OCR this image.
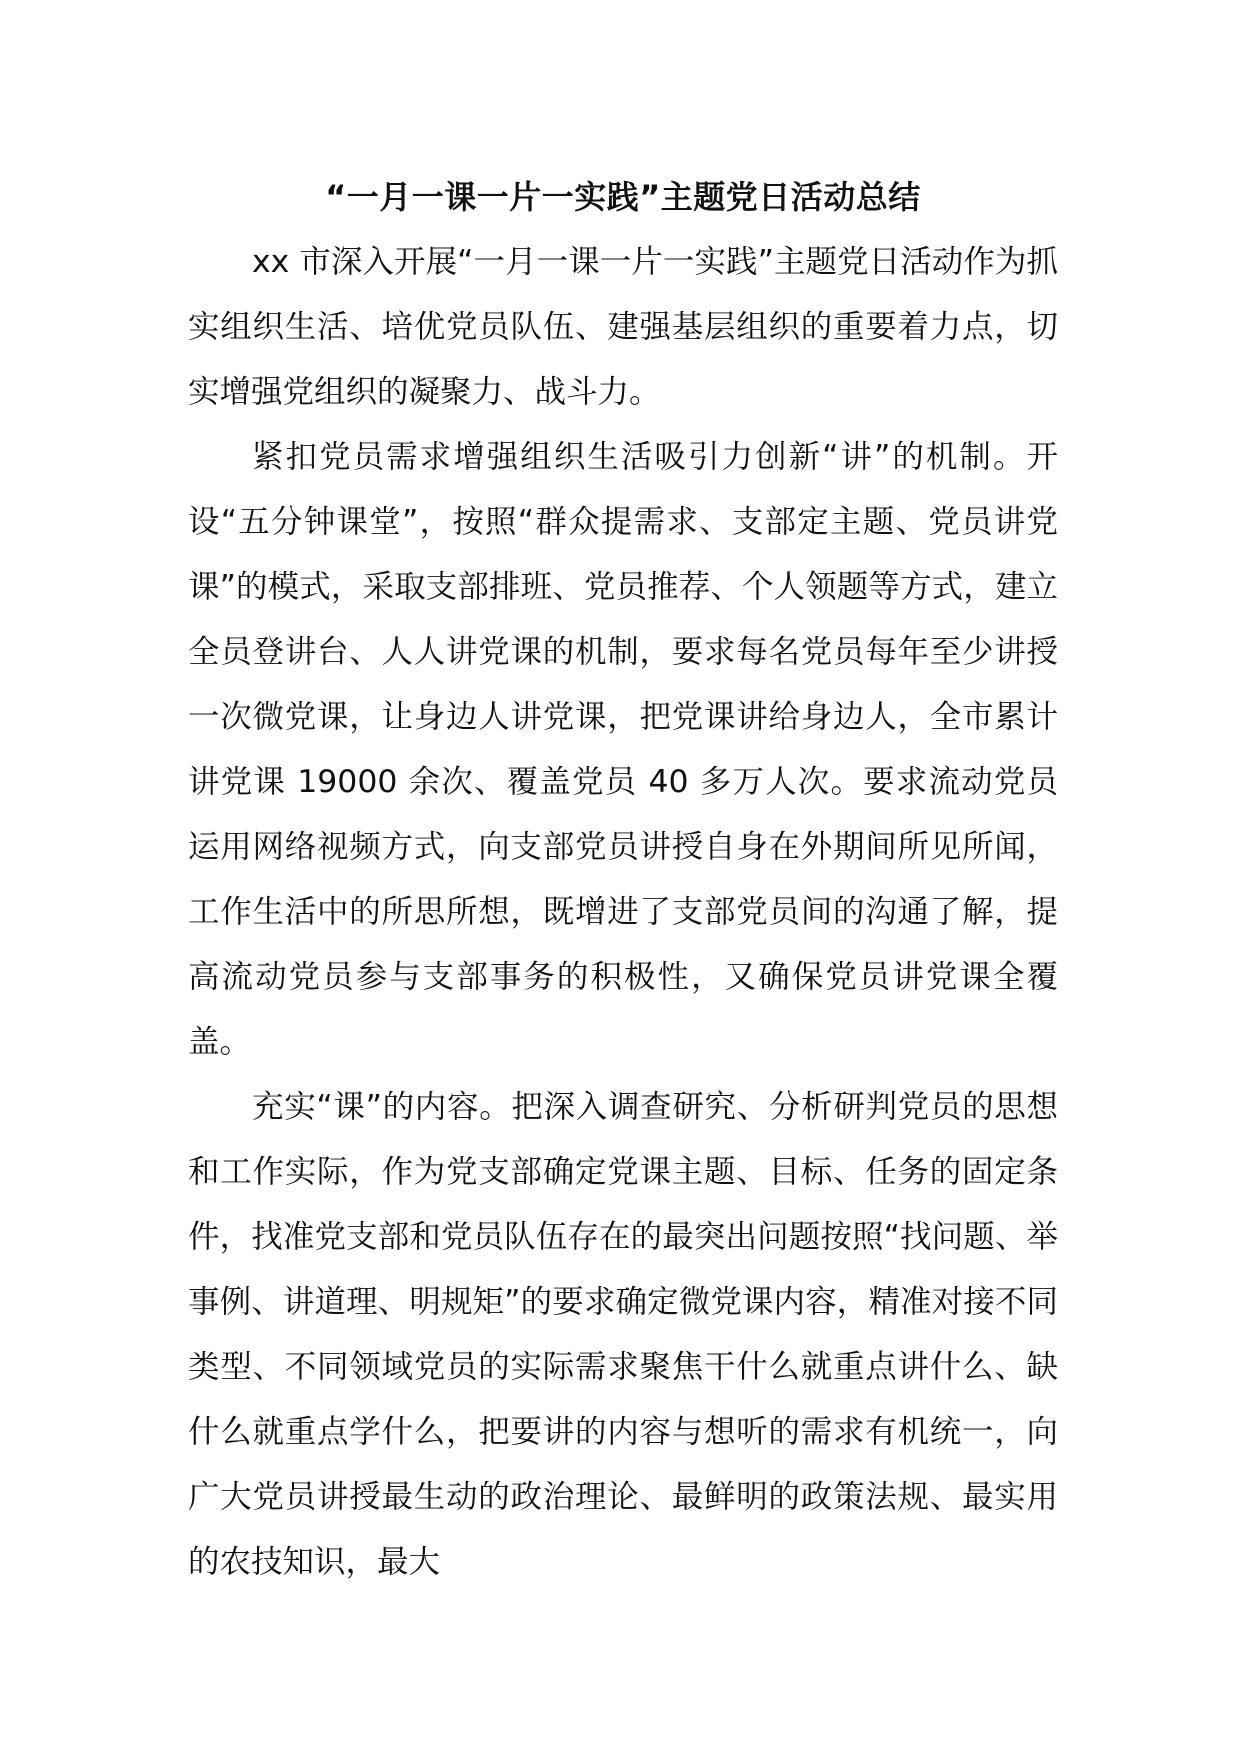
“一月一课一片一实践”主题党日活动总结

xx 市深入开展“一月一课一片一实践”主题党日活动作为抓实组织生活、培优党员队伍、建强基层组织的重要着力点，切实增强党组织的凝聚力、战斗力。

紧扣党员需求增强组织生活吸引力创新“讲”的机制。开设“五分钟课堂”，按照“群众提需求、支部定主题、党员讲党课”的模式，采取支部排班、党员推荐、个人领题等方式，建立全员登讲台、人人讲党课的机制，要求每名党员每年至少讲授一次微党课，让身边人讲党课，把党课讲给身边人，全市累计讲党课 19000 余次、覆盖党员 40 多万人次。要求流动党员运用网络视频方式，向支部党员讲授自身在外期间所见所闻，工作生活中的所思所想，既增进了支部党员间的沟通了解，提高流动党员参与支部事务的积极性，又确保党员讲党课全覆盖。

充实“课”的内容。把深入调查研究、分析研判党员的思想和工作实际，作为党支部确定党课主题、目标、任务的固定条件，找准党支部和党员队伍存在的最突出问题按照“找问题、举事例、讲道理、明规矩”的要求确定微党课内容，精准对接不同类型、不同领域党员的实际需求聚焦干什么就重点讲什么、缺什么就重点学什么，把要讲的内容与想听的需求有机统一，向广大党员讲授最生动的政治理论、最鲜明的政策法规、最实用的农技知识，最大
